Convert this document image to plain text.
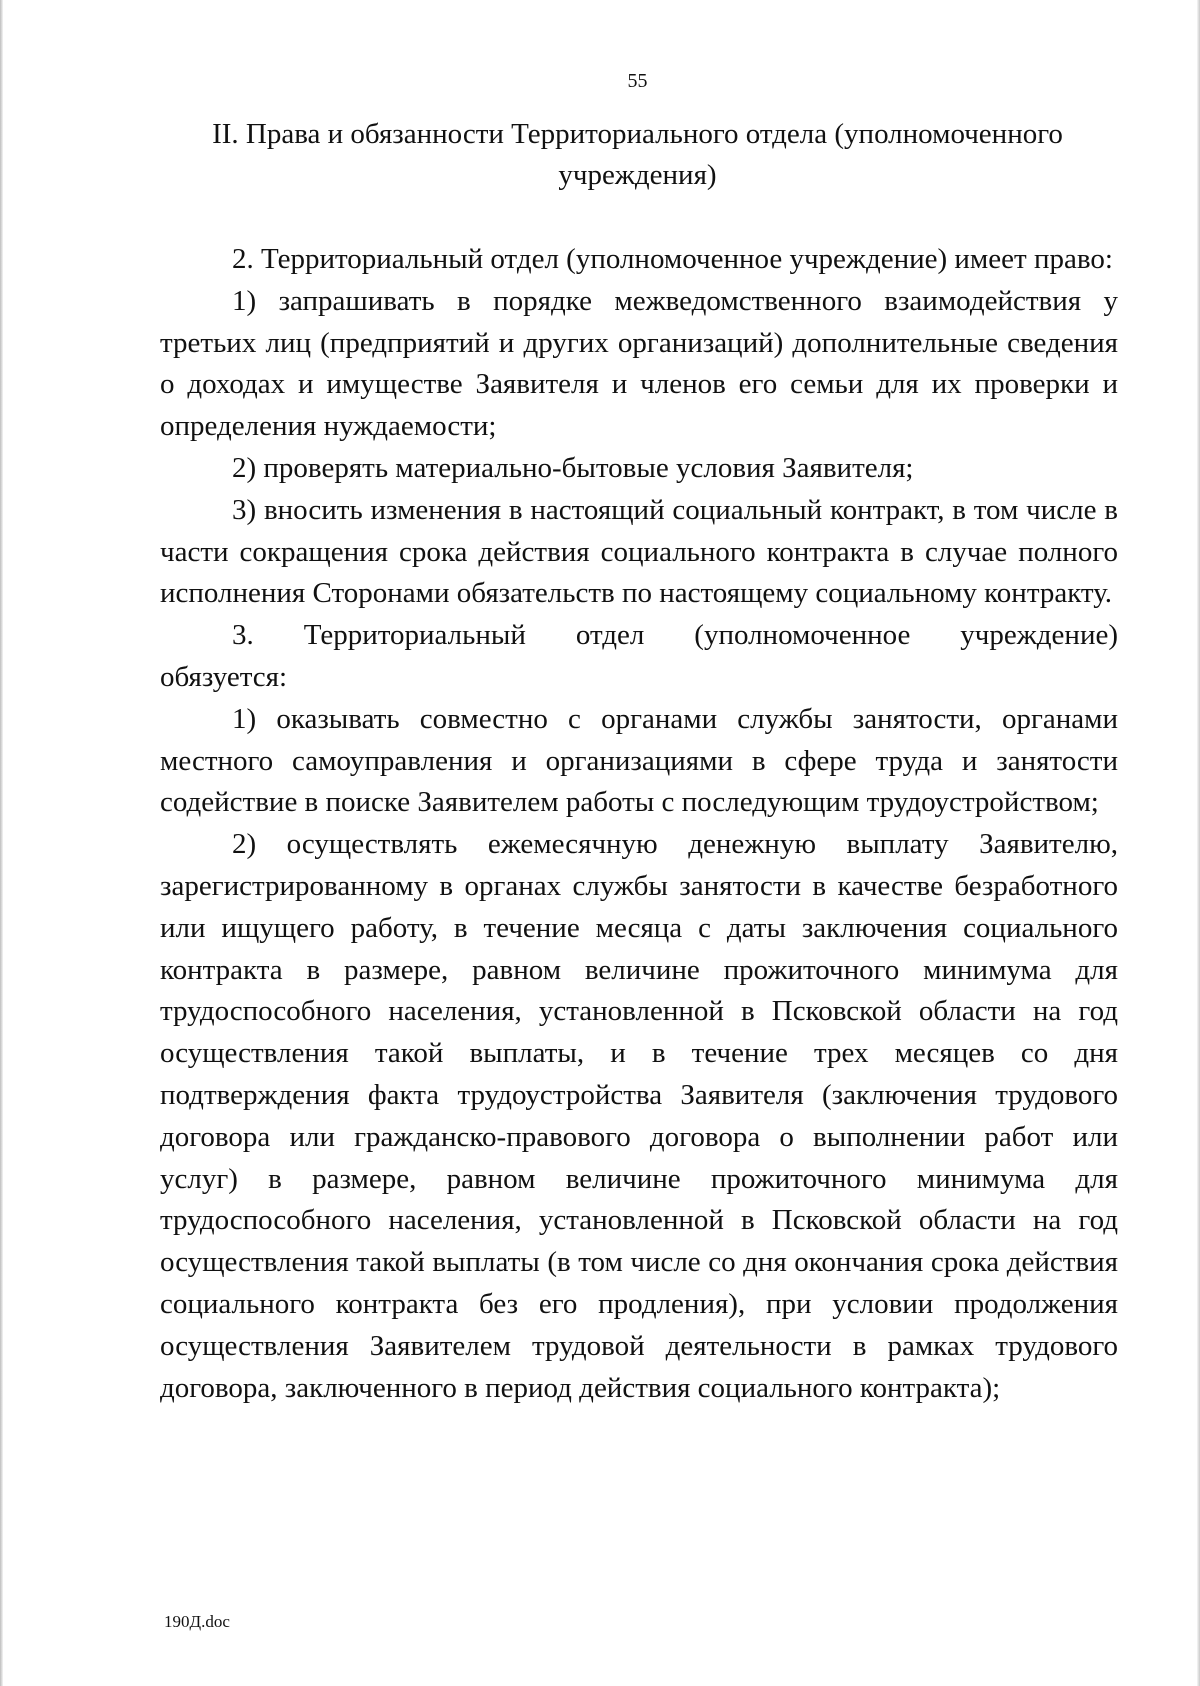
55
II. Права и обязанности Территориального отдела (уполномоченного
учреждения)

2. Территориальный отдел (уполномоченное учреждение) имеет право:

1) запрашивать в порядке межведомственного взаимодействия у третьих лиц (предприятий и других организаций) дополнительные сведения о доходах и имуществе Заявителя и членов его семьи для их проверки и определения нуждаемости;

2) проверять материально-бытовые условия Заявителя;

3) вносить изменения в настоящий социальный контракт, в том числе в части сокращения срока действия социального контракта в случае полного исполнения Сторонами обязательств по настоящему социальному контракту.

3. Территориальный отдел (уполномоченное учреждение) обязуется:

1) оказывать совместно с органами службы занятости, органами местного самоуправления и организациями в сфере труда и занятости содействие в поиске Заявителем работы с последующим трудоустройством;

2) осуществлять ежемесячную денежную выплату Заявителю, зарегистрированному в органах службы занятости в качестве безработного или ищущего работу, в течение месяца с даты заключения социального контракта в размере, равном величине прожиточного минимума для трудоспособного населения, установленной в Псковской области на год осуществления такой выплаты, и в течение трех месяцев со дня подтверждения факта трудоустройства Заявителя (заключения трудового договора или гражданско-правового договора о выполнении работ или услуг) в размере, равном величине прожиточного минимума для трудоспособного населения, установленной в Псковской области на год осуществления такой выплаты (в том числе со дня окончания срока действия социального контракта без его продления), при условии продолжения осуществления Заявителем трудовой деятельности в рамках трудового договора, заключенного в период действия социального контракта);

190Д.doc
